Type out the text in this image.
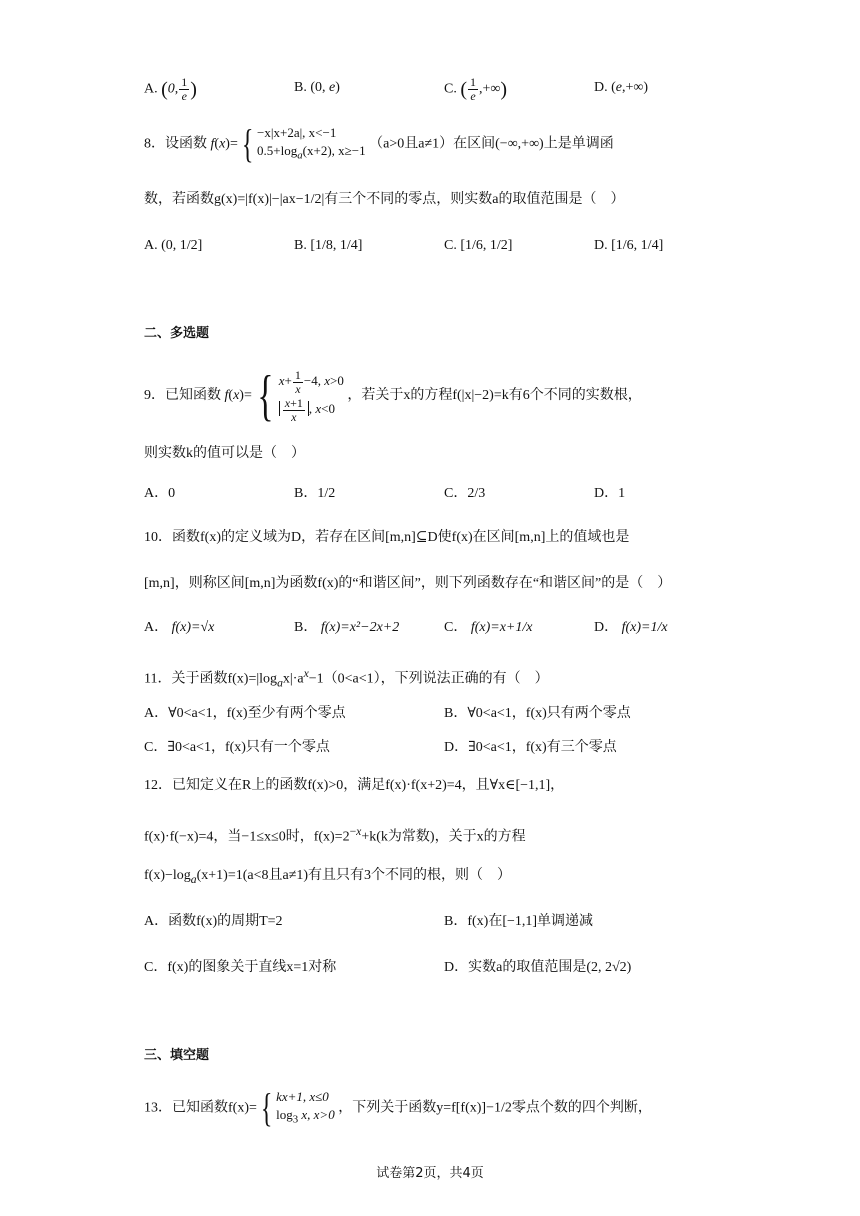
A. (0, $\frac{1}{e}$ )	B. (0, e)	C. ( $\frac{1}{e}$ ,+∞)	D. (e,+∞)
8．设函数 f(x)={ −x|x+2a|, x<−1
$0.5+\log_a(x+2)$, x≥−1 （a>0且a≠1）在区间(−∞,+∞)上是单调函
数，若函数g(x)=|f(x)|−|ax−1/2|有三个不同的零点，则实数a的取值范围是（　）
A. (0, 1/2]	B. [1/8, 1/4]	C. [1/6, 1/2]	D. [1/6, 1/4]
二、多选题
9．已知函数 f(x)={ $x+ \frac{1}{x} -4$, x>0
$\frac{x+1}{x}$ , x<0
，若关于x的方程f(|x|−2)=k有6个不同的实数根，
则实数k的值可以是（　）
A．0	B．1/2	C．2/3	D．1
10．函数f(x)的定义域为D，若存在区间[m,n]⊆D使f(x)在区间[m,n]上的值域也是
[m,n]，则称区间[m,n]为函数f(x)的“和谐区间”，则下列函数存在“和谐区间”的是（　）
A． f(x)=√x	B． f(x)=x²−2x+2	C． f(x)=x+1/x	D． f(x)=1/x
11．关于函数$f(x)=|\log_ax|\cdot a^x-1(0<a<1)$，下列说法正确的有（　）
A．∀0<a<1，f(x)至少有两个零点	B．∀0<a<1，f(x)只有两个零点
C．∃0<a<1，f(x)只有一个零点	D．∃0<a<1，f(x)有三个零点
12．已知定义在R上的函数f(x)>0，满足f(x)·f(x+2)=4，且∀x∈[−1,1]，
f(x)·f(−x)=4，当−1≤x≤0时，$f(x)=2^{-x}+k(k$为常数)，关于x的方程
$f(x)-\log_a(x+1)=1(a<8$且a≠1)有且只有3个不同的根，则（　）
A．函数f(x)的周期T=2	B．f(x)在[−1,1]单调递减
C．f(x)的图象关于直线x=1对称	D．实数a的取值范围是(2, 2√2)
三、填空题
13．已知函数f(x)={ kx+1, x≤0
$\log_3 x$, x>0 ，下列关于函数y=f[f(x)]−1/2零点个数的四个判断，
试卷第2页，共4页
